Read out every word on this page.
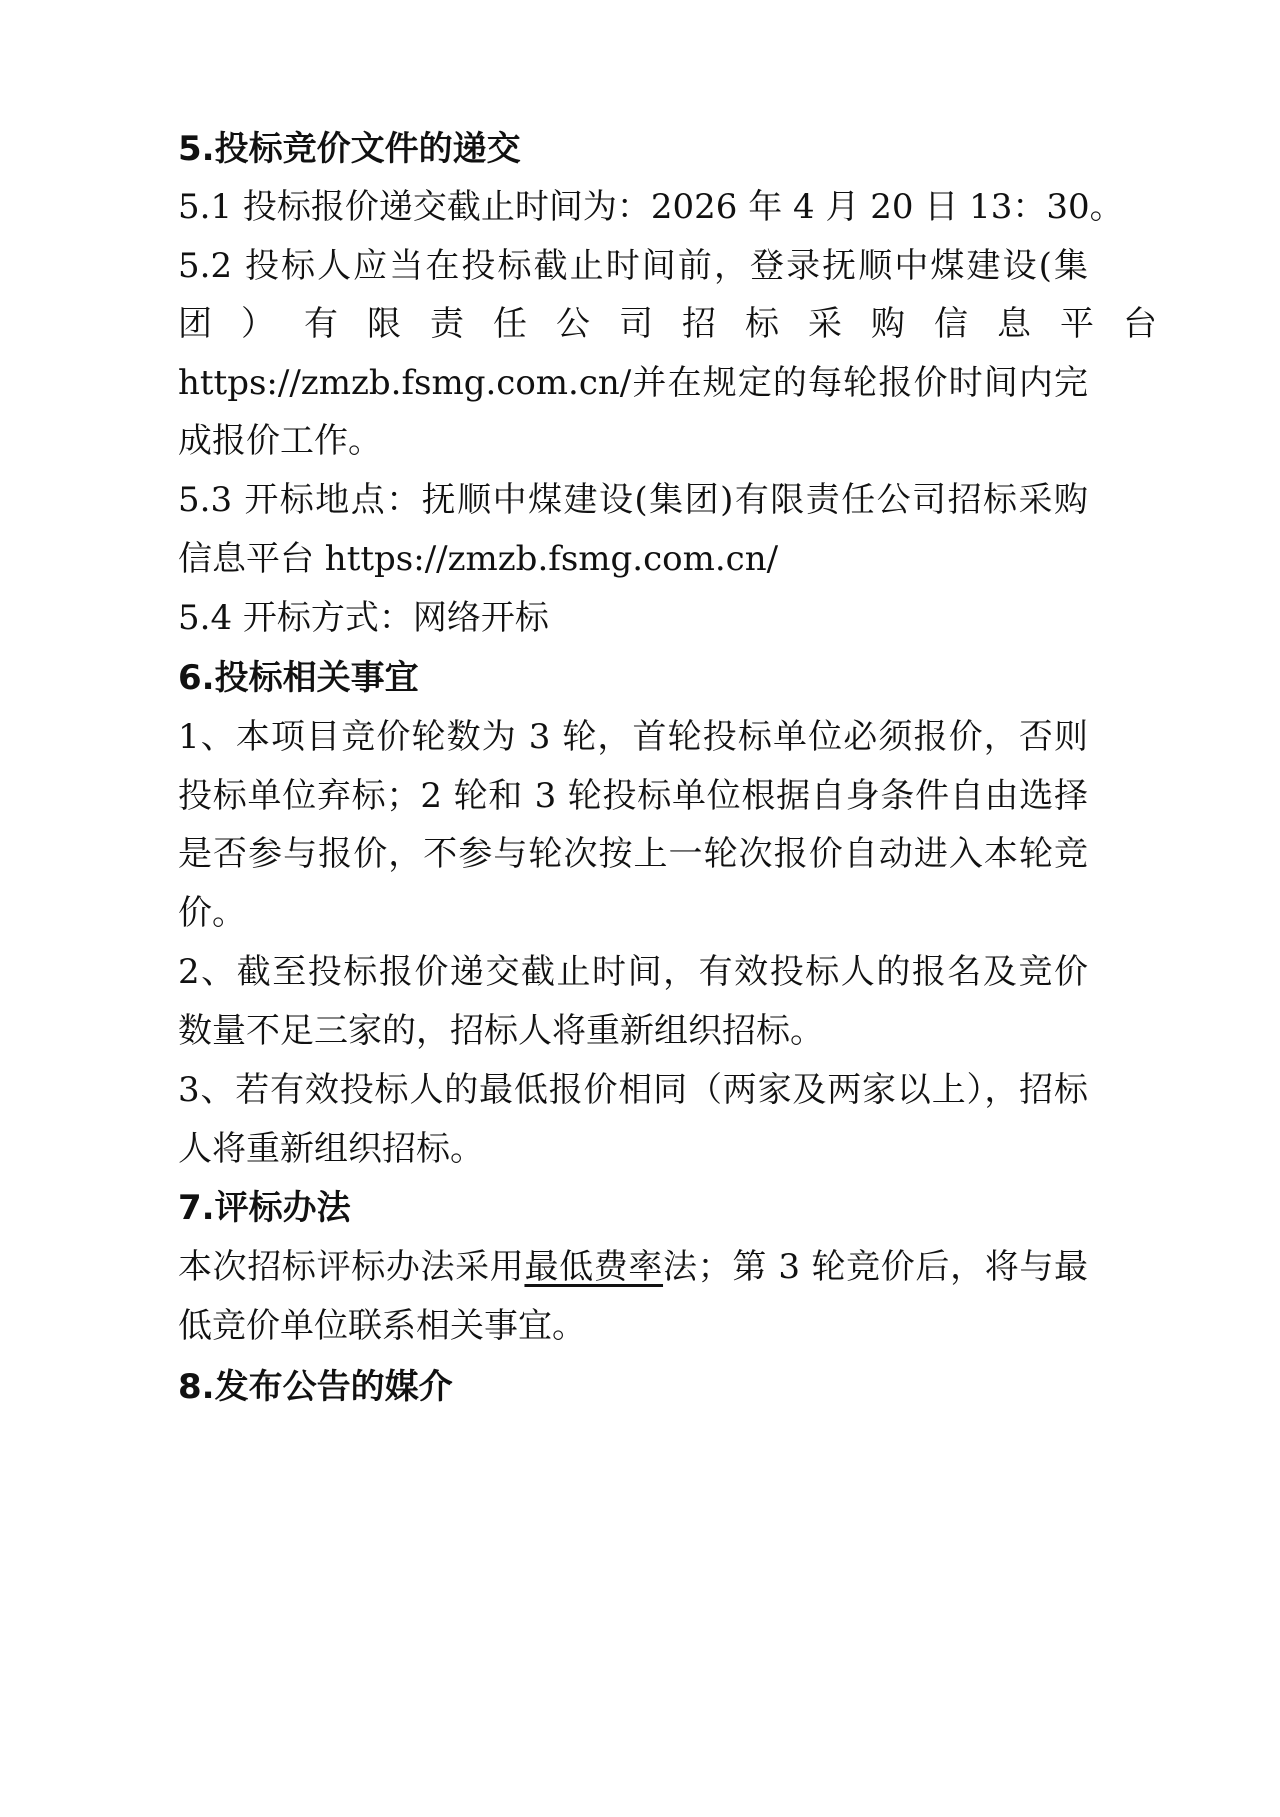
5.投标竞价文件的递交
5.1 投标报价递交截止时间为：2026 年 4 月 20 日 13：30。
5.2 投标人应当在投标截止时间前，登录抚顺中煤建设(集
团）有限责任公司招标采购信息平台
https://zmzb.fsmg.com.cn/并在规定的每轮报价时间内完
成报价工作。
5.3 开标地点：抚顺中煤建设(集团)有限责任公司招标采购
信息平台 https://zmzb.fsmg.com.cn/
5.4 开标方式：网络开标
6.投标相关事宜
1、本项目竞价轮数为 3 轮，首轮投标单位必须报价，否则
投标单位弃标；2 轮和 3 轮投标单位根据自身条件自由选择
是否参与报价，不参与轮次按上一轮次报价自动进入本轮竞
价。
2、截至投标报价递交截止时间，有效投标人的报名及竞价
数量不足三家的，招标人将重新组织招标。
3、若有效投标人的最低报价相同（两家及两家以上），招标
人将重新组织招标。
7.评标办法
本次招标评标办法采用最低费率法；第 3 轮竞价后，将与最
低竞价单位联系相关事宜。
8.发布公告的媒介
